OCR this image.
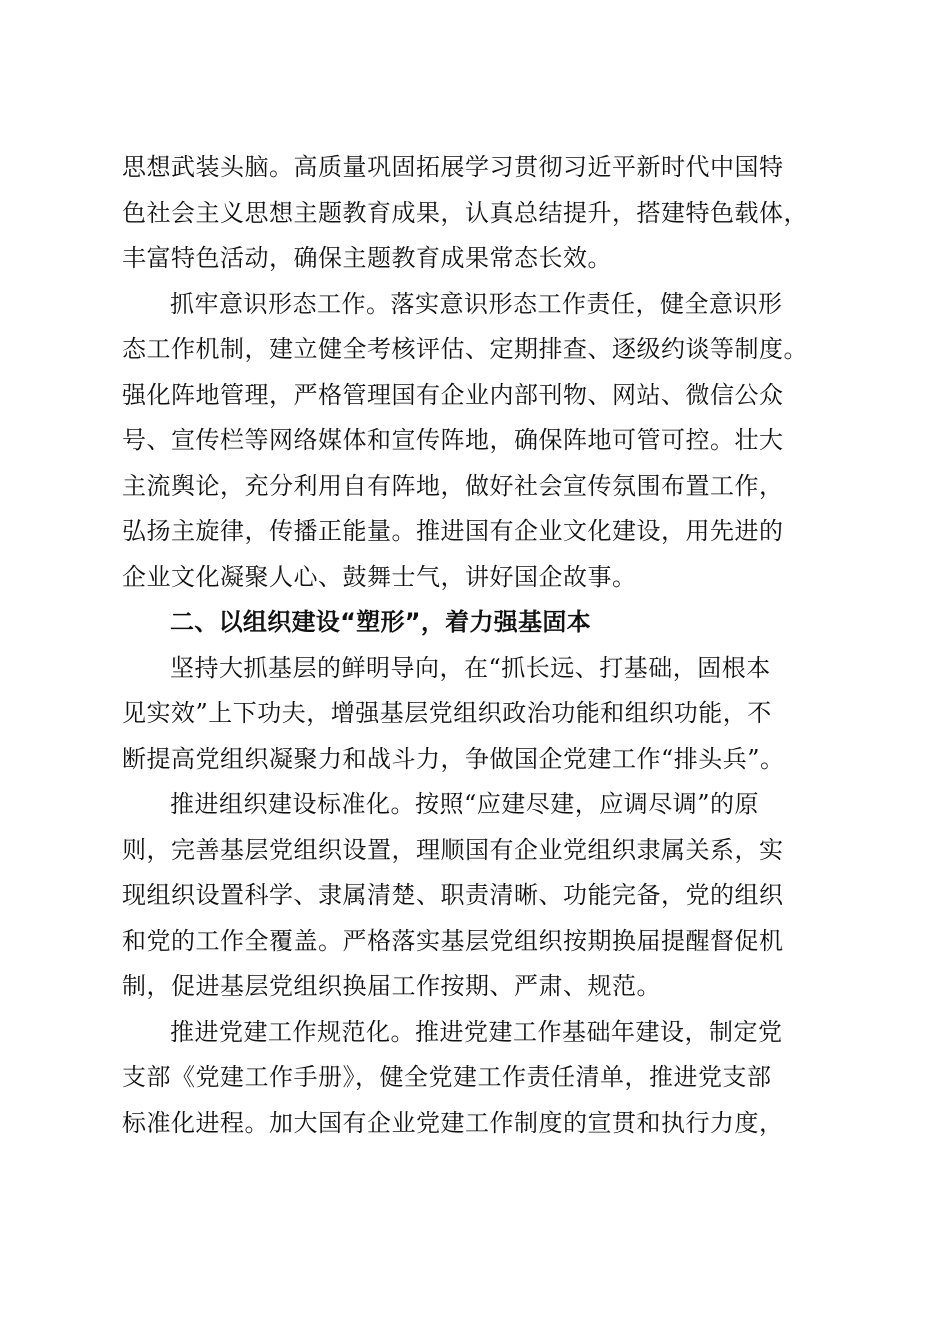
思想武装头脑。高质量巩固拓展学习贯彻习近平新时代中国特
色社会主义思想主题教育成果，认真总结提升，搭建特色载体，
丰富特色活动，确保主题教育成果常态长效。
抓牢意识形态工作。落实意识形态工作责任，健全意识形
态工作机制，建立健全考核评估、定期排查、逐级约谈等制度。
强化阵地管理，严格管理国有企业内部刊物、网站、微信公众
号、宣传栏等网络媒体和宣传阵地，确保阵地可管可控。壮大
主流舆论，充分利用自有阵地，做好社会宣传氛围布置工作，
弘扬主旋律，传播正能量。推进国有企业文化建设，用先进的
企业文化凝聚人心、鼓舞士气，讲好国企故事。
二、以组织建设“塑形”，着力强基固本
坚持大抓基层的鲜明导向，在“抓长远、打基础，固根本
见实效”上下功夫，增强基层党组织政治功能和组织功能，不
断提高党组织凝聚力和战斗力，争做国企党建工作“排头兵”。
推进组织建设标准化。按照“应建尽建，应调尽调”的原
则，完善基层党组织设置，理顺国有企业党组织隶属关系，实
现组织设置科学、隶属清楚、职责清晰、功能完备，党的组织
和党的工作全覆盖。严格落实基层党组织按期换届提醒督促机
制，促进基层党组织换届工作按期、严肃、规范。
推进党建工作规范化。推进党建工作基础年建设，制定党
支部《党建工作手册》，健全党建工作责任清单，推进党支部
标准化进程。加大国有企业党建工作制度的宣贯和执行力度，
